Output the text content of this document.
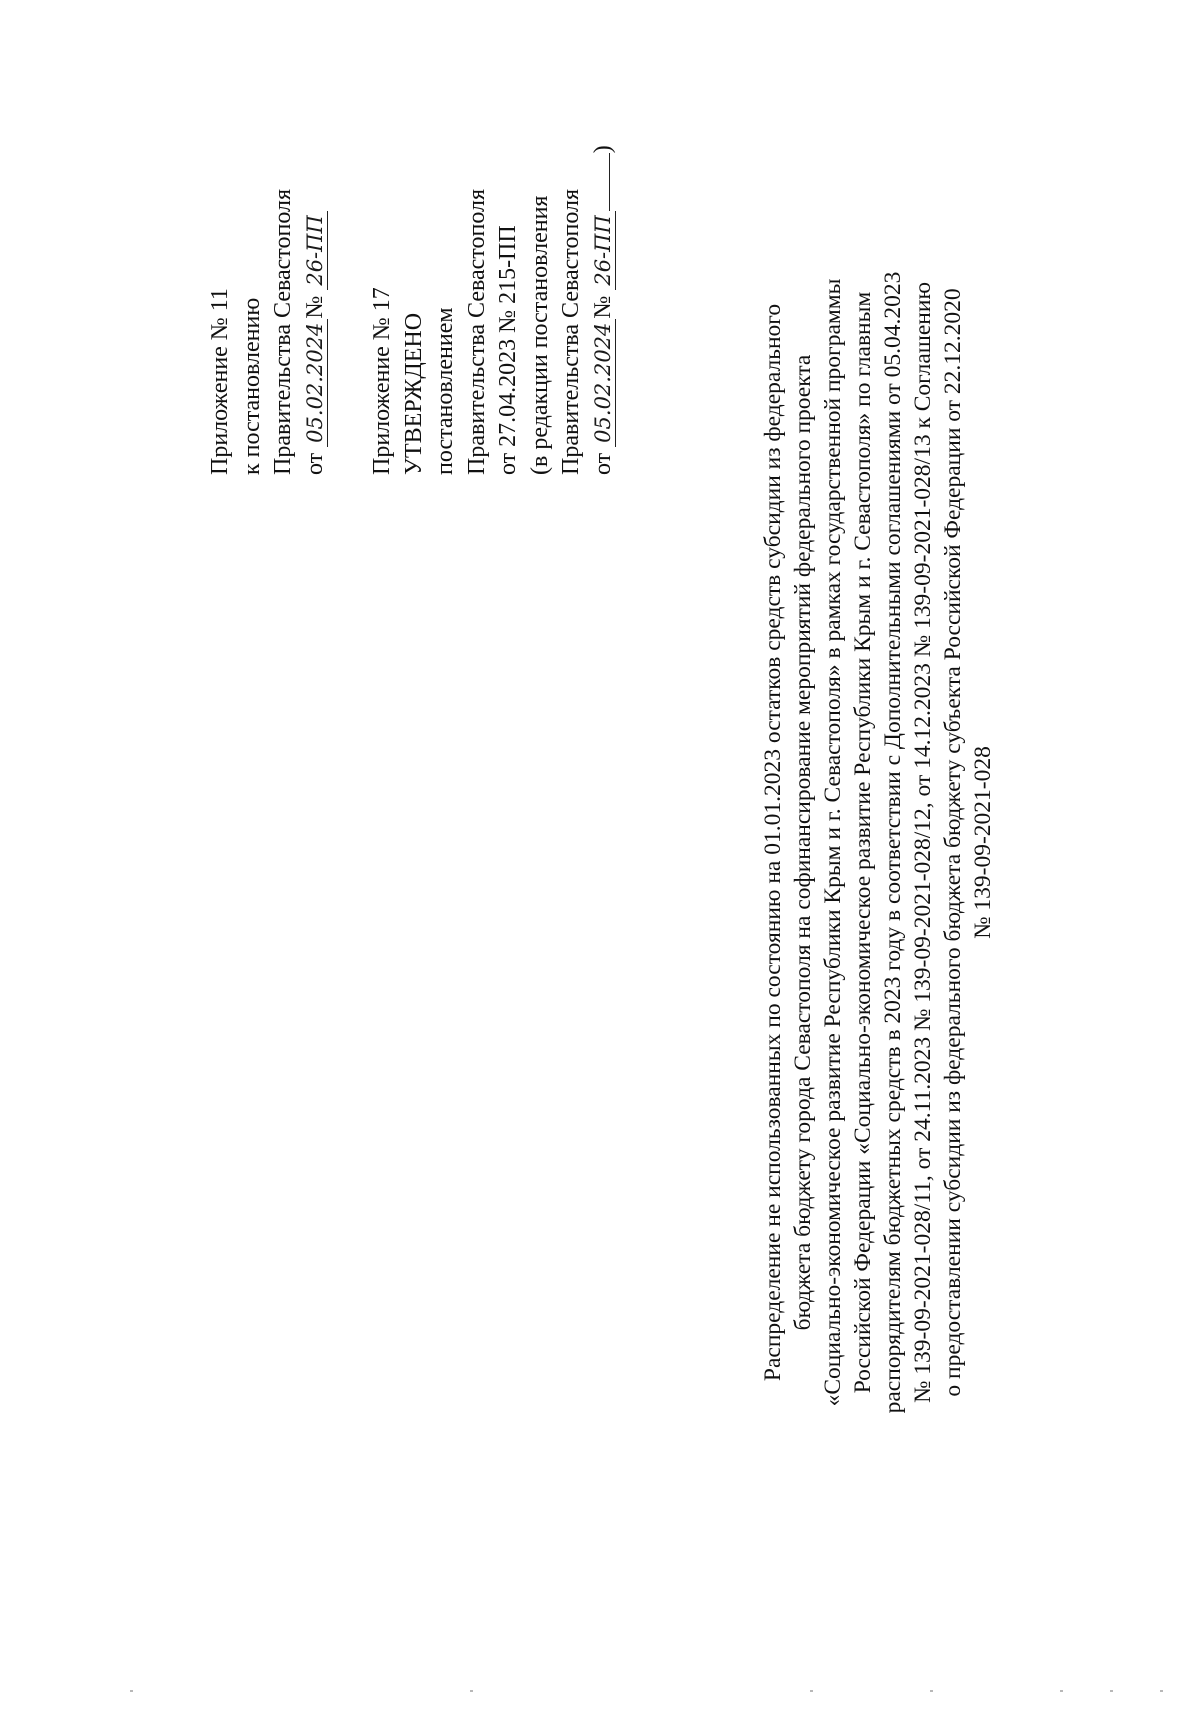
Приложение № 11 к постановлению Правительства Севастополя от 05.02.2024№ 26-ПП
Приложение № 17 УТВЕРЖДЕНО постановлением Правительства Севастополя от 27.04.2023 № 215-ПП (в редакции постановления Правительства Севастополя от 05.02.2024№ 26-ПП)
Распределение не использованных по состоянию на 01.01.2023 остатков средств субсидии из федерального бюджета бюджету города Севастополя на софинансирование мероприятий федерального проекта «Социально-экономическое развитие Республики Крым и г. Севастополя» в рамках государственной программы Российской Федерации «Социально-экономическое развитие Республики Крым и г. Севастополя» по главным распорядителям бюджетных средств в 2023 году в соответствии с Дополнительными соглашениями от 05.04.2023 № 139-09-2021-028/11, от 24.11.2023 № 139-09-2021-028/12, от 14.12.2023 № 139-09-2021-028/13 к Соглашению о предоставлении субсидии из федерального бюджета бюджету субъекта Российской Федерации от 22.12.2020 № 139-09-2021-028
